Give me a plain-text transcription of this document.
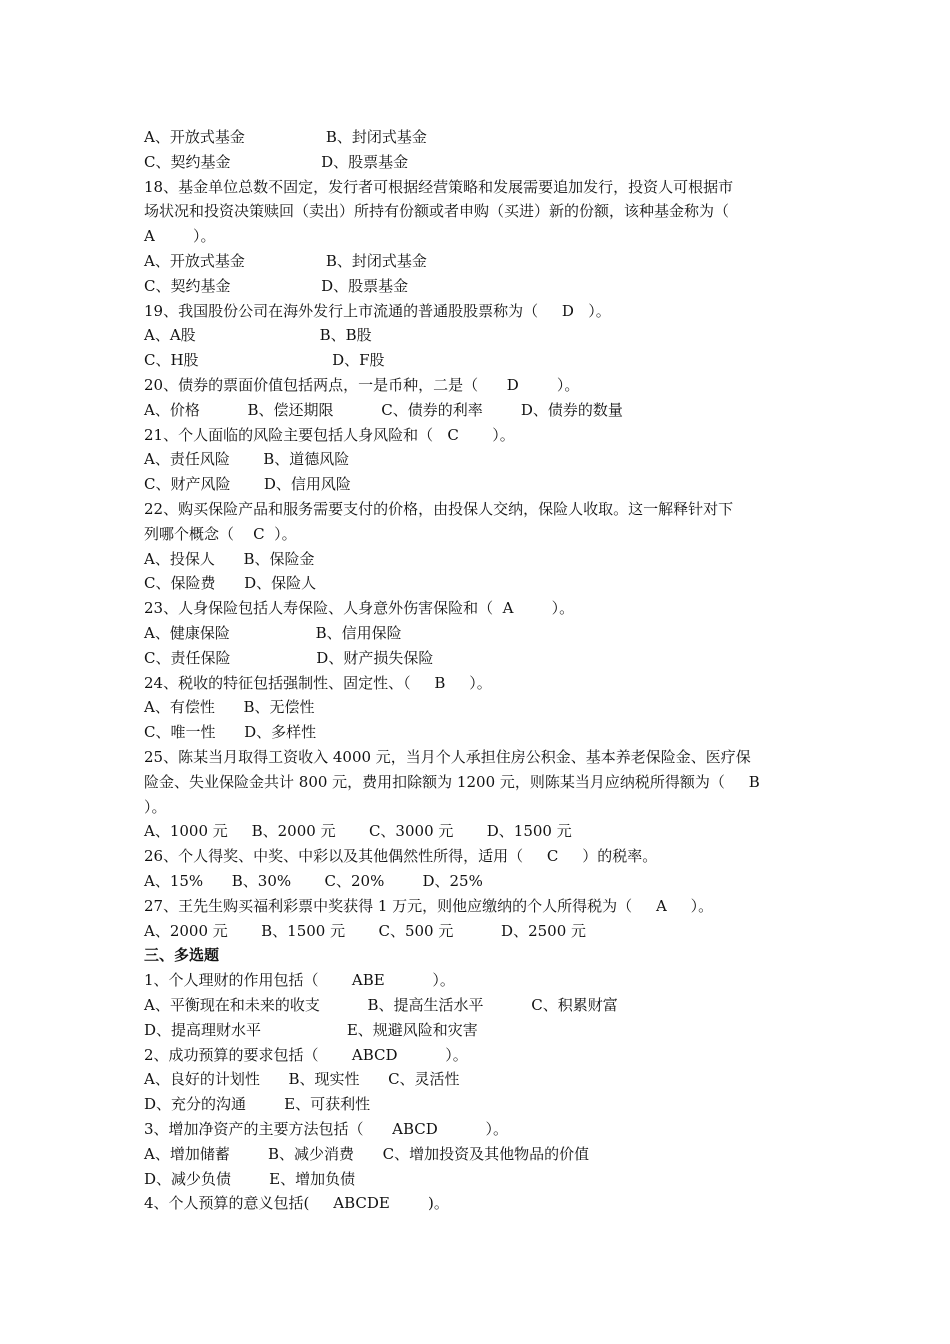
A、开放式基金                 B、封闭式基金
C、契约基金                   D、股票基金
18、基金单位总数不固定，发行者可根据经营策略和发展需要追加发行，投资人可根据市
场状况和投资决策赎回（卖出）所持有份额或者申购（买进）新的份额，该种基金称为（
A        ）。
A、开放式基金                 B、封闭式基金
C、契约基金                   D、股票基金
19、我国股份公司在海外发行上市流通的普通股股票称为（     D   ）。
A、A股                          B、B股
C、H股                            D、F股
20、债券的票面价值包括两点，一是币种，二是（      D        ）。
A、价格          B、偿还期限          C、债券的利率        D、债券的数量
21、个人面临的风险主要包括人身风险和（   C       ）。
A、责任风险       B、道德风险
C、财产风险       D、信用风险
22、购买保险产品和服务需要支付的价格，由投保人交纳，保险人收取。这一解释针对下
列哪个概念（    C  ）。
A、投保人      B、保险金
C、保险费      D、保险人
23、人身保险包括人寿保险、人身意外伤害保险和（  A        ）。
A、健康保险                  B、信用保险
C、责任保险                  D、财产损失保险
24、税收的特征包括强制性、固定性、（     B     ）。
A、有偿性      B、无偿性
C、唯一性      D、多样性
25、陈某当月取得工资收入 4000 元，当月个人承担住房公积金、基本养老保险金、医疗保
险金、失业保险金共计 800 元，费用扣除额为 1200 元，则陈某当月应纳税所得额为（     B
）。
A、1000 元     B、2000 元       C、3000 元       D、1500 元
26、个人得奖、中奖、中彩以及其他偶然性所得，适用（     C     ）的税率。
A、15%      B、30%       C、20%        D、25%
27、王先生购买福利彩票中奖获得 1 万元，则他应缴纳的个人所得税为（     A     ）。
A、2000 元       B、1500 元       C、500 元          D、2500 元
三、多选题
1、个人理财的作用包括（       ABE          ）。
A、平衡现在和未来的收支          B、提高生活水平          C、积累财富
D、提高理财水平                  E、规避风险和灾害
2、成功预算的要求包括（       ABCD          ）。
A、良好的计划性      B、现实性      C、灵活性
D、充分的沟通        E、可获利性
3、增加净资产的主要方法包括（      ABCD          ）。
A、增加储蓄        B、减少消费      C、增加投资及其他物品的价值
D、减少负债        E、增加负债
4、个人预算的意义包括(     ABCDE        )。
